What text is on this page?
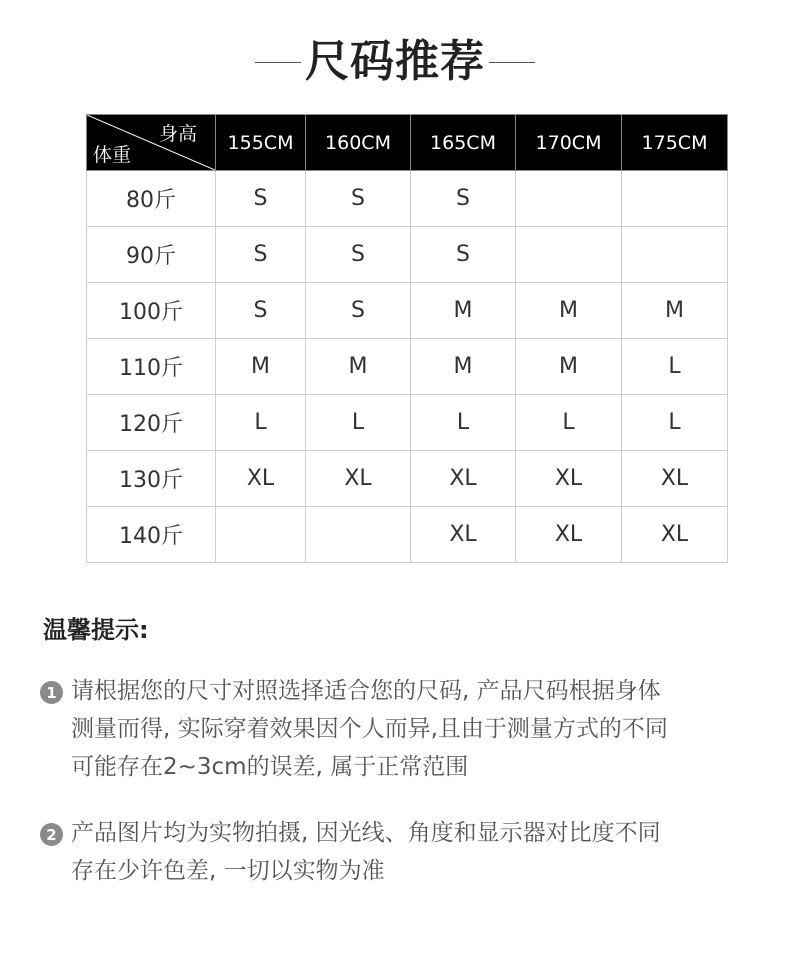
尺码推荐
身高
体重	155CM	160CM	165CM	170CM	175CM
80斤	S	S	S		
90斤	S	S	S		
100斤	S	S	M	M	M
110斤	M	M	M	M	L
120斤	L	L	L	L	L
130斤	XL	XL	XL	XL	XL
140斤			XL	XL	XL
温馨提示:
1 请根据您的尺寸对照选择适合您的尺码, 产品尺码根据身体
测量而得, 实际穿着效果因个人而异,且由于测量方式的不同
可能存在2~3cm的误差, 属于正常范围
2 产品图片均为实物拍摄, 因光线、角度和显示器对比度不同
存在少许色差, 一切以实物为准
